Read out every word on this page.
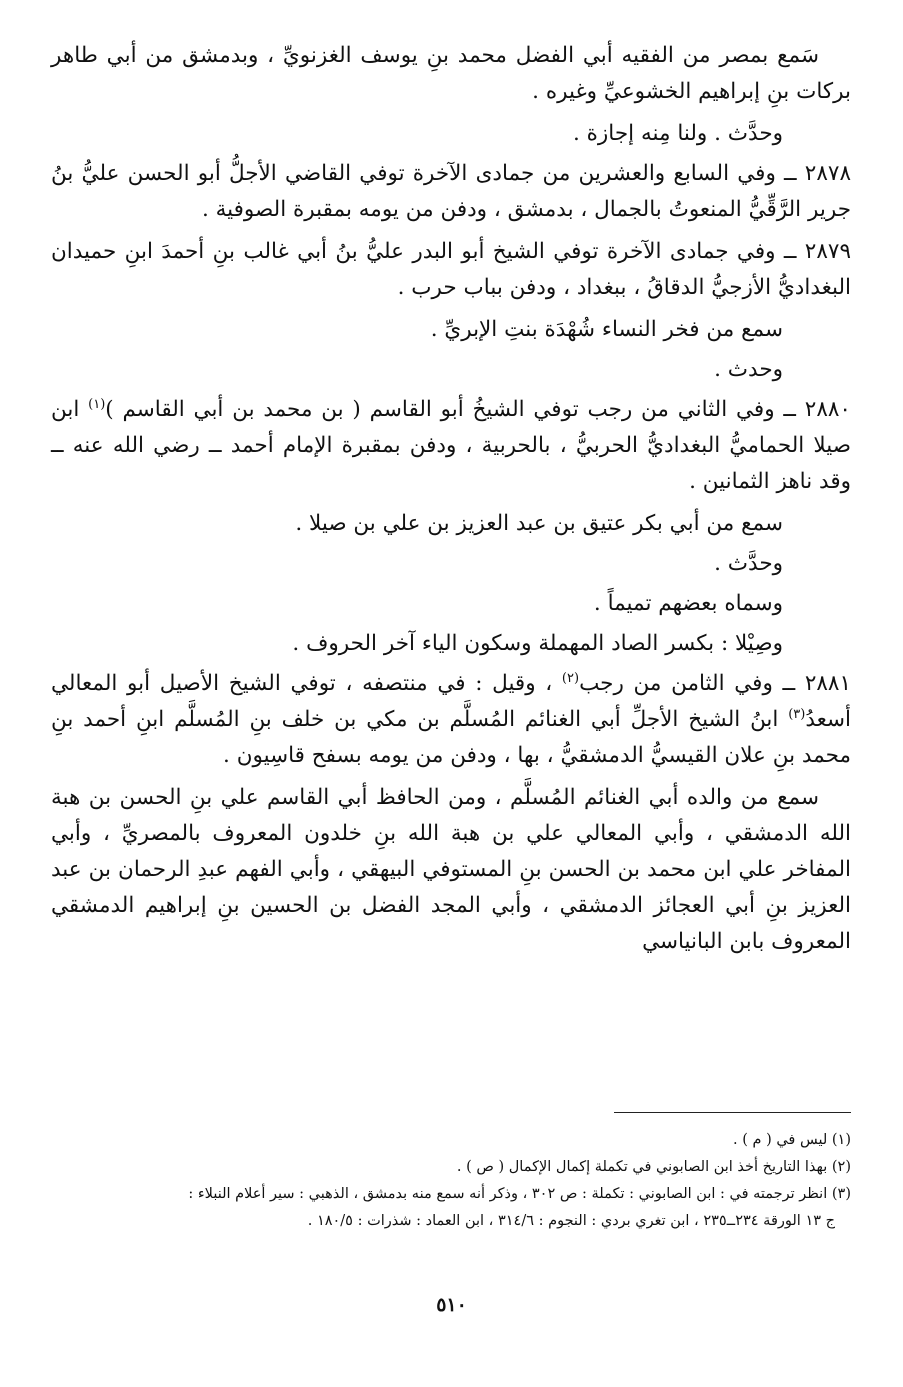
سَمع بمصر من الفقيه أبي الفضل محمد بنِ يوسف الغزنويِّ ، وبدمشق من أبي طاهر بركات بنِ إبراهيم الخشوعيِّ وغيره .

وحدَّث . ولنا مِنه إجازة .

٢٨٧٨ ــ وفي السابع والعشرين من جمادى الآخرة توفي القاضي الأجلُّ أبو الحسن عليُّ بنُ جرير الرَّقِّيُّ المنعوتُ بالجمال ، بدمشق ، ودفن من يومه بمقبرة الصوفية .

٢٨٧٩ ــ وفي جمادى الآخرة توفي الشيخ أبو البدر عليُّ بنُ أبي غالب بنِ أحمدَ ابنِ حميدان البغداديُّ الأزجيُّ الدقاقُ ، ببغداد ، ودفن بباب حرب .

سمع من فخر النساء شُهْدَة بنتِ الإبريِّ .

وحدث .

٢٨٨٠ ــ وفي الثاني من رجب توفي الشيخُ أبو القاسم ( بن محمد بن أبي القاسم )$^{(١)}$ ابن صيلا الحماميُّ البغداديُّ الحربيُّ ، بالحربية ، ودفن بمقبرة الإمام أحمد ــ رضي الله عنه ــ وقد ناهز الثمانين .

سمع من أبي بكر عتيق بن عبد العزيز بن علي بن صيلا .

وحدَّث .

وسماه بعضهم تميماً .

وصِيْلا : بكسر الصاد المهملة وسكون الياء آخر الحروف .

٢٨٨١ ــ وفي الثامن من رجب$^{(٢)}$ ، وقيل : في منتصفه ، توفي الشيخ الأصيل أبو المعالي أسعدُ$^{(٣)}$ ابنُ الشيخ الأجلِّ أبي الغنائم المُسلَّم بن مكي بن خلف بنِ المُسلَّم ابنِ أحمد بنِ محمد بنِ علان القيسيُّ الدمشقيُّ ، بها ، ودفن من يومه بسفح قاسِيون .

سمع من والده أبي الغنائم المُسلَّم ، ومن الحافظ أبي القاسم علي بنِ الحسن بن هبة الله الدمشقي ، وأبي المعالي علي بن هبة الله بنِ خلدون المعروف بالمصريِّ ، وأبي المفاخر علي ابن محمد بن الحسن بنِ المستوفي البيهقي ، وأبي الفهم عبدِ الرحمان بن عبد العزيز بنِ أبي العجائز الدمشقي ، وأبي المجد الفضل بن الحسين بنِ إبراهيم الدمشقي المعروف بابن البانياسي

(١) ليس في ( م ) .

(٢) بهذا التاريخ أخذ ابن الصابوني في تكملة إكمال الإكمال ( ص ) .

(٣) انظر ترجمته في : ابن الصابوني : تكملة : ص ٣٠٢ ، وذكر أنه سمع منه بدمشق ، الذهبي : سير أعلام النبلاء :

ج ١٣ الورقة ٢٣٤ــ٢٣٥ ، ابن تغري بردي : النجوم : ٣١٤/٦ ، ابن العماد : شذرات : ١٨٠/٥ .

٥١٠
